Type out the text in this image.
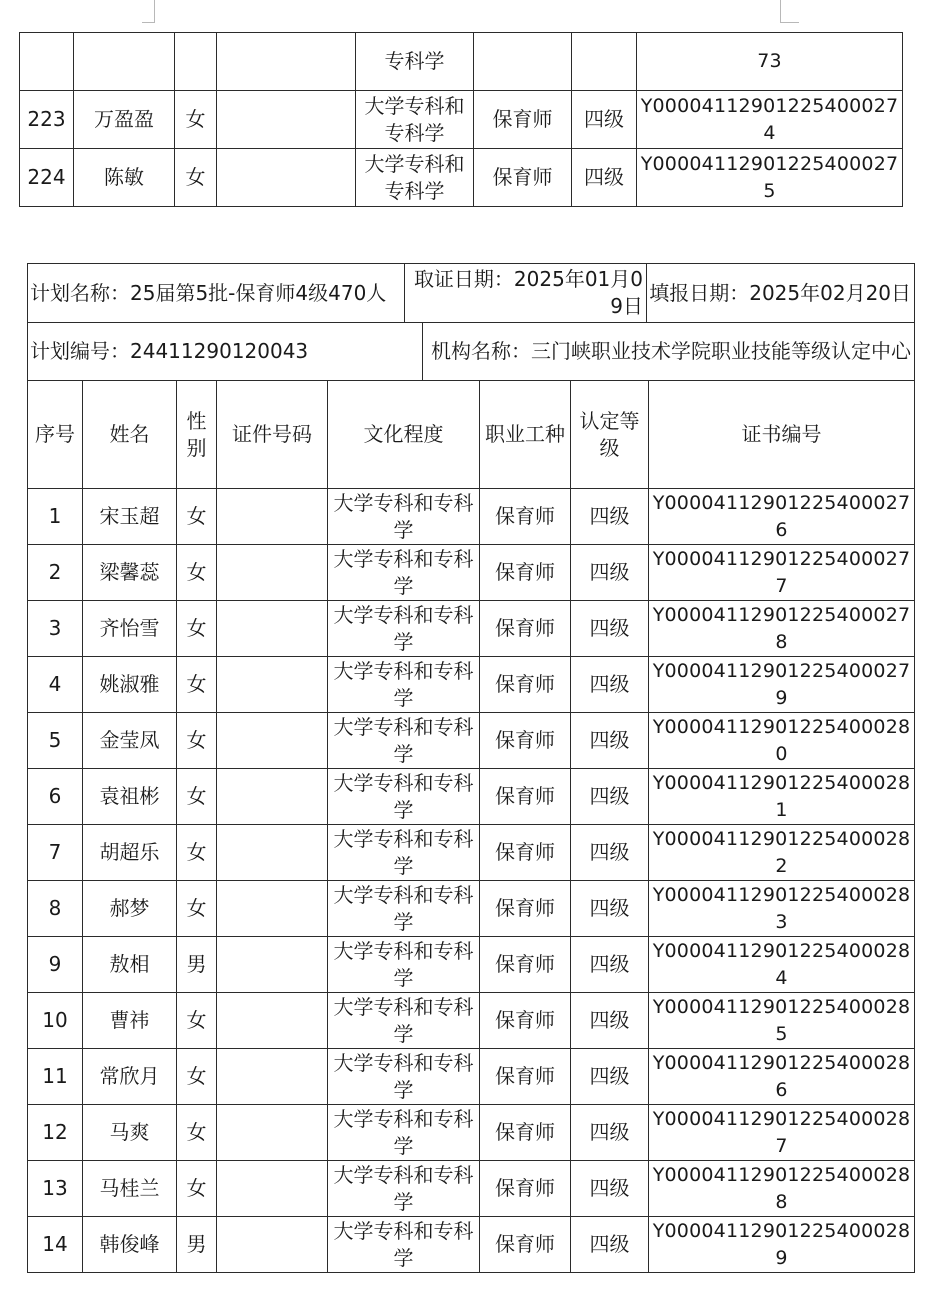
				专科学			73
223	万盈盈	女		大学专科和专科学	保育师	四级	Y00004112901225400027 4
224	陈敏	女		大学专科和专科学	保育师	四级	Y00004112901225400027 5
计划名称：25届第5批-保育师4级470人	取证日期：2025年01月09日		填报日期：2025年02月20日
计划编号：24411290120043		机构名称：三门峡职业技术学院职业技能等级认定中心	
序号	姓名	性别	证件号码	文化程度	职业工种	认定等级	证书编号
1	宋玉超	女		大学专科和专科学	保育师	四级	Y00004112901225400027 6
2	梁馨蕊	女		大学专科和专科学	保育师	四级	Y00004112901225400027 7
3	齐怡雪	女		大学专科和专科学	保育师	四级	Y00004112901225400027 8
4	姚淑雅	女		大学专科和专科学	保育师	四级	Y00004112901225400027 9
5	金莹凤	女		大学专科和专科学	保育师	四级	Y00004112901225400028 0
6	袁祖彬	女		大学专科和专科学	保育师	四级	Y00004112901225400028 1
7	胡超乐	女		大学专科和专科学	保育师	四级	Y00004112901225400028 2
8	郝梦	女		大学专科和专科学	保育师	四级	Y00004112901225400028 3
9	敖相	男		大学专科和专科学	保育师	四级	Y00004112901225400028 4
10	曹祎	女		大学专科和专科学	保育师	四级	Y00004112901225400028 5
11	常欣月	女		大学专科和专科学	保育师	四级	Y00004112901225400028 6
12	马爽	女		大学专科和专科学	保育师	四级	Y00004112901225400028 7
13	马桂兰	女		大学专科和专科学	保育师	四级	Y00004112901225400028 8
14	韩俊峰	男		大学专科和专科学	保育师	四级	Y00004112901225400028 9
